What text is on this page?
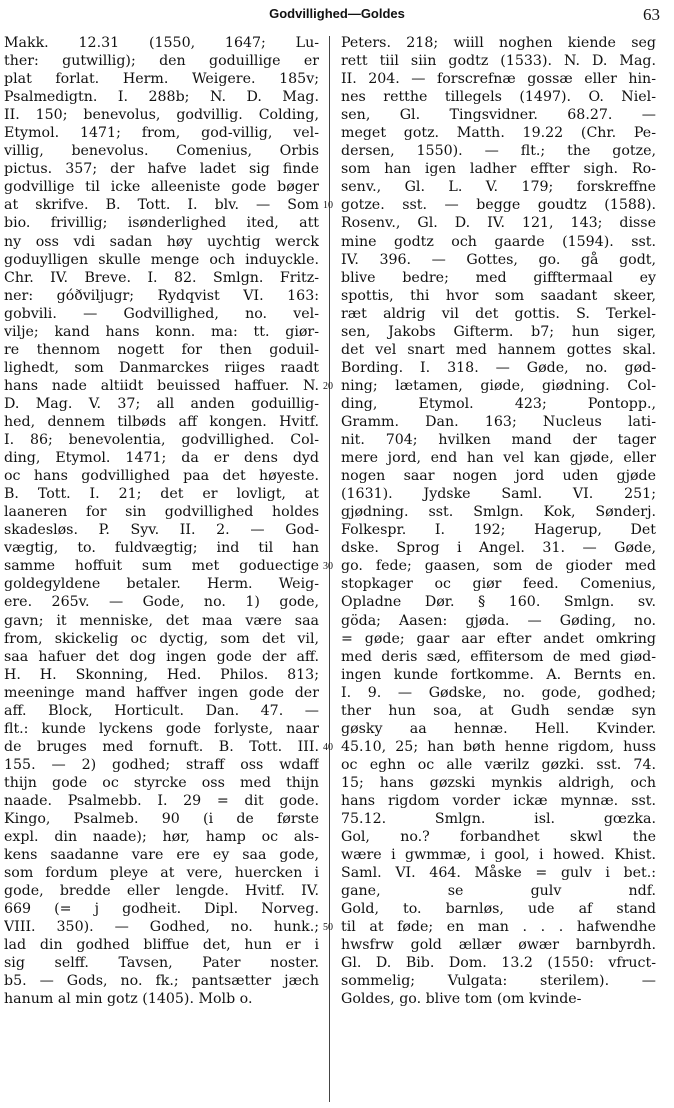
Godvillighed—Goldes	63
Makk. 12.31 (1550, 1647; Lu-
ther: gutwillig); den goduillige er
plat forlat. Herm. Weigere. 185v;
Psalmedigtn. I. 288b; N. D. Mag.
II. 150; benevolus, godvillig. Colding,
Etymol. 1471; from, god-villig, vel-
villig, benevolus. Comenius, Orbis
pictus. 357; der hafve ladet sig finde
godvillige til icke alleeniste gode bøger
at skrifve. B. Tott. I. blv. — Som
bio. frivillig; isønderlighed ited, att
ny oss vdi sadan høy uychtig werck
goduylligen skulle menge och induyckle.
Chr. IV. Breve. I. 82. Smlgn. Fritz-
ner: góðviljugr; Rydqvist VI. 163:
gobvili. — Godvillighed, no. vel-
vilje; kand hans konn. ma: tt. giør-
re thennom nogett for then goduil-
lighedt, som Danmarckes riiges raadt
hans nade altiidt beuissed haffuer. N.
D. Mag. V. 37; all anden goduillig-
hed, dennem tilbøds aff kongen. Hvitf.
I. 86; benevolentia, godvillighed. Col-
ding, Etymol. 1471; da er dens dyd
oc hans godvillighed paa det høyeste.
B. Tott. I. 21; det er lovligt, at
laaneren for sin godvillighed holdes
skadesløs. P. Syv. II. 2. — God-
vægtig, to. fuldvægtig; ind til han
samme hoffuit sum met goduectige
goldegyldene betaler. Herm. Weig-
ere. 265v. — Gode, no. 1) gode,
gavn; it menniske, det maa være saa
from, skickelig oc dyctig, som det vil,
saa hafuer det dog ingen gode der aff.
H. H. Skonning, Hed. Philos. 813;
meeninge mand haffver ingen gode der
aff. Block, Horticult. Dan. 47. —
flt.: kunde lyckens gode forlyste, naar
de bruges med fornuft. B. Tott. III.
155. — 2) godhed; straff oss wdaff
thijn gode oc styrcke oss med thijn
naade. Psalmebb. I. 29 = dit gode.
Kingo, Psalmeb. 90 (i de første
expl. din naade); hør, hamp oc als-
kens saadanne vare ere ey saa gode,
som fordum pleye at vere, huercken i
gode, bredde eller lengde. Hvitf. IV.
669 (= j godheit. Dipl. Norveg.
VIII. 350). — Godhed, no. hunk.;
lad din godhed bliffue det, hun er i
sig selff. Tavsen, Pater noster.
b5. — Gods, no. fk.; pantsætter jæch
hanum al min gotz (1405). Molb o.
10
20
30
40
50
Peters. 218; wiill noghen kiende seg
rett tiil siin godtz (1533). N. D. Mag.
II. 204. — forscrefnæ gossæ eller hin-
nes retthe tillegels (1497). O. Niel-
sen, Gl. Tingsvidner. 68.27. —
meget gotz. Matth. 19.22 (Chr. Pe-
dersen, 1550). — flt.; the gotze,
som han igen ladher effter sigh. Ro-
senv., Gl. L. V. 179; forskreffne
gotze. sst. — begge goudtz (1588).
Rosenv., Gl. D. IV. 121, 143; disse
mine godtz och gaarde (1594). sst.
IV. 396. — Gottes, go. gå godt,
blive bedre; med gifftermaal ey
spottis, thi hvor som saadant skeer,
ræt aldrig vil det gottis. S. Terkel-
sen, Jakobs Gifterm. b7; hun siger,
det vel snart med hannem gottes skal.
Bording. I. 318. — Gøde, no. gød-
ning; lætamen, giøde, giødning. Col-
ding, Etymol. 423; Pontopp.,
Gramm. Dan. 163; Nucleus lati-
nit. 704; hvilken mand der tager
mere jord, end han vel kan gjøde, eller
nogen saar nogen jord uden gjøde
(1631). Jydske Saml. VI. 251;
gjødning. sst. Smlgn. Kok, Sønderj.
Folkespr. I. 192; Hagerup, Det
dske. Sprog i Angel. 31. — Gøde,
go. fede; gaasen, som de gioder med
stopkager oc giør feed. Comenius,
Opladne Dør. § 160. Smlgn. sv.
göda; Aasen: gjøda. — Gøding, no.
= gøde; gaar aar efter andet omkring
med deris sæd, effitersom de med giød-
ingen kunde fortkomme. A. Bernts en.
I. 9. — Gødske, no. gode, godhed;
ther hun soa, at Gudh sendæ syn
gøsky aa hennæ. Hell. Kvinder.
45.10, 25; han bøth henne rigdom, huss
oc eghn oc alle værilz gøzki. sst. 74.
15; hans gøzski mynkis aldrigh, och
hans rigdom vorder ickæ mynnæ. sst.
75.12. Smlgn. isl. gœzka.
Gol, no.? forbandhet skwl the
wære i gwmmæ, i gool, i howed. Khist.
Saml. VI. 464. Måske = gulv i bet.:
gane, se gulv ndf.
Gold, to. barnløs, ude af stand
til at føde; en man . . . hafwendhe
hwsfrw gold ællær øwær barnbyrdh.
Gl. D. Bib. Dom. 13.2 (1550: vfruct-
sommelig; Vulgata: sterilem). —
Goldes, go. blive tom (om kvinde-
